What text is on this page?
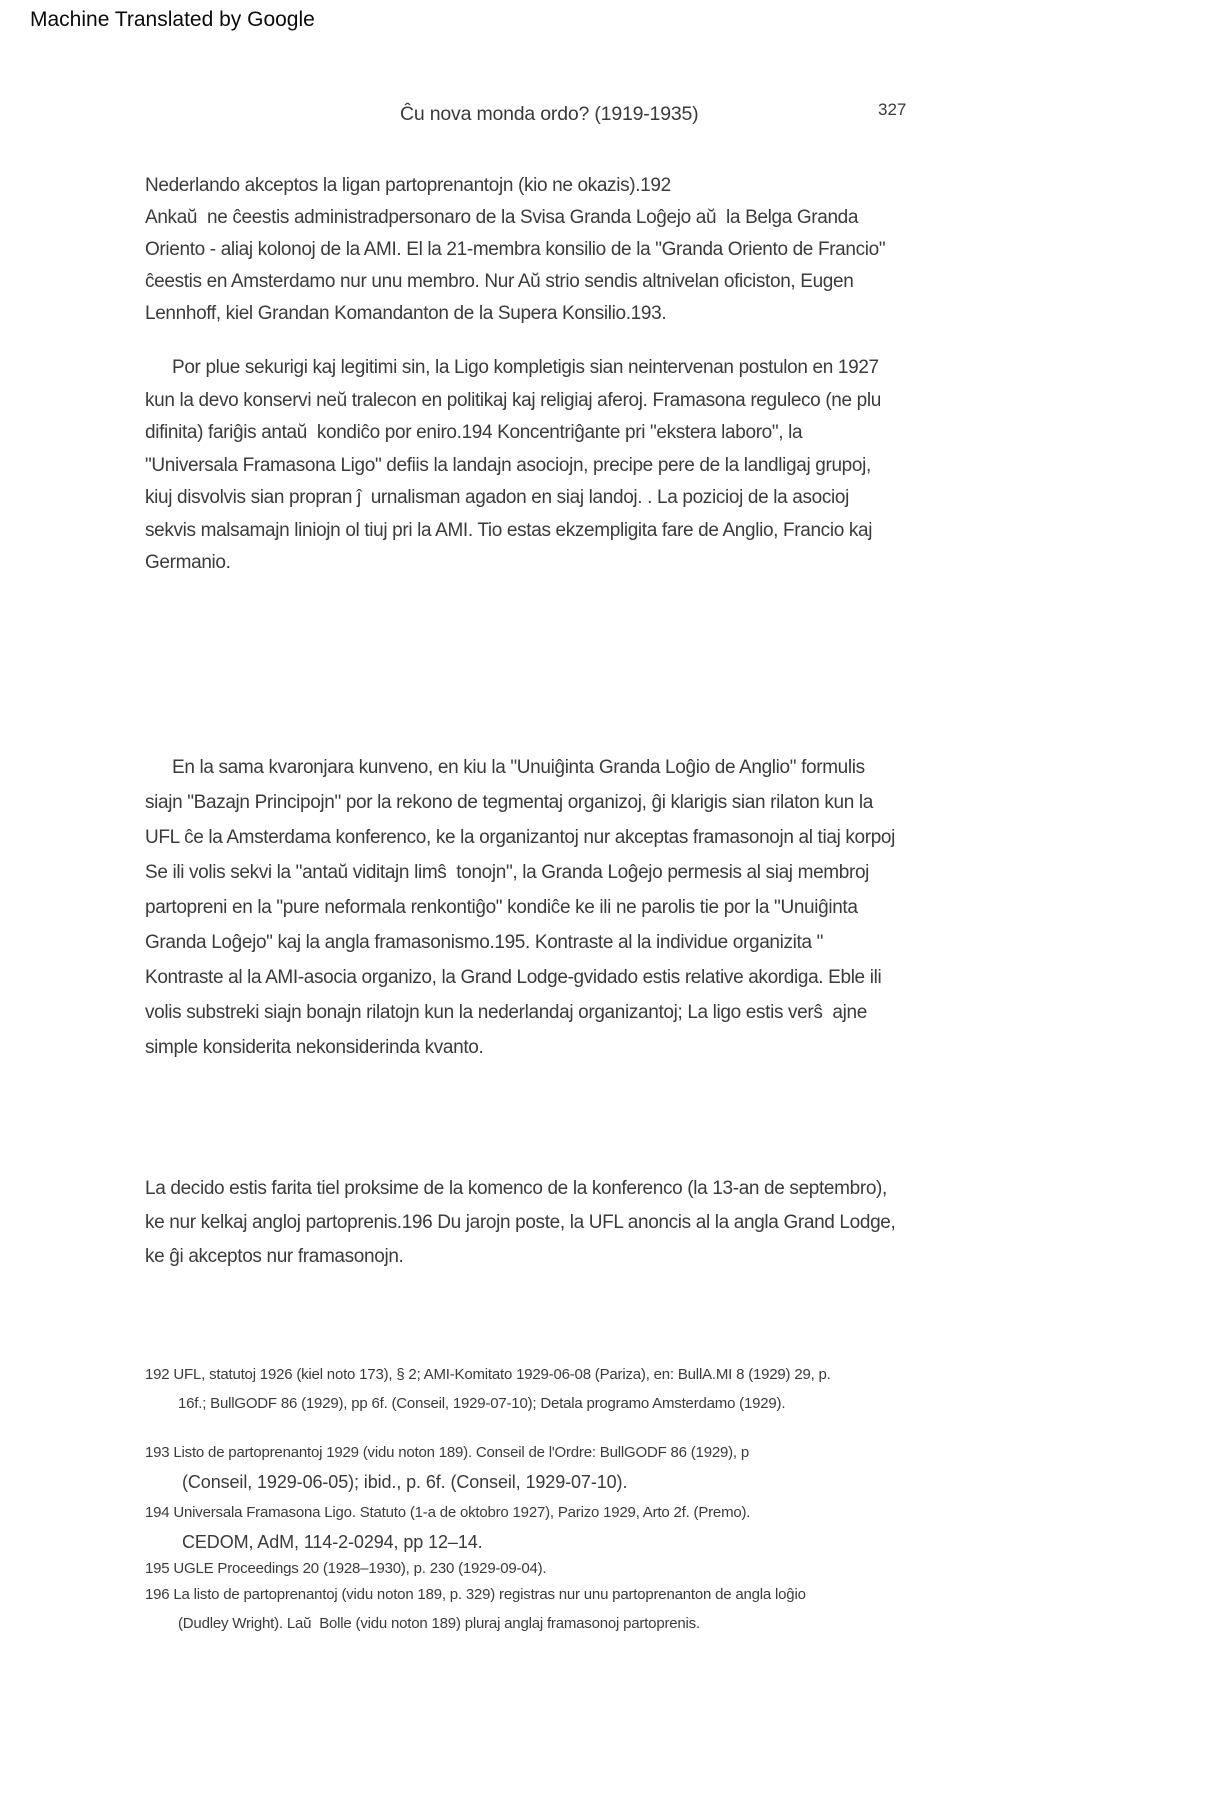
Machine Translated by Google
Ĉu nova monda ordo? (1919-1935)	327
Nederlando akceptos la ligan partoprenantojn (kio ne okazis).192
Ankaŭ  ne ĉeestis administradpersonaro de la Svisa Granda Loĝejo aŭ  la Belga Granda
Oriento - aliaj kolonoj de la AMI. El la 21-membra konsilio de la "Granda Oriento de Francio"
ĉeestis en Amsterdamo nur unu membro. Nur Aŭ strio sendis altnivelan oficiston, Eugen
Lennhoff, kiel Grandan Komandanton de la Supera Konsilio.193.
Por plue sekurigi kaj legitimi sin, la Ligo kompletigis sian neintervenan postulon en 1927
kun la devo konservi neŭ tralecon en politikaj kaj religiaj aferoj. Framasona reguleco (ne plu
difinita) fariĝis antaŭ  kondiĉo por eniro.194 Koncentriĝante pri "ekstera laboro", la
"Universala Framasona Ligo" defiis la landajn asociojn, precipe pere de la landligaj grupoj,
kiuj disvolvis sian propran ĵ  urnalisman agadon en siaj landoj. . La pozicioj de la asocioj
sekvis malsamajn liniojn ol tiuj pri la AMI. Tio estas ekzempligita fare de Anglio, Francio kaj
Germanio.
En la sama kvaronjara kunveno, en kiu la "Unuiĝinta Granda Loĝio de Anglio" formulis
siajn "Bazajn Principojn" por la rekono de tegmentaj organizoj, ĝi klarigis sian rilaton kun la
UFL ĉe la Amsterdama konferenco, ke la organizantoj nur akceptas framasonojn al tiaj korpoj
Se ili volis sekvi la "antaŭ viditajn limŝ  tonojn", la Granda Loĝejo permesis al siaj membroj
partopreni en la "pure neformala renkontiĝo" kondiĉe ke ili ne parolis tie por la "Unuiĝinta
Granda Loĝejo" kaj la angla framasonismo.195. Kontraste al la individue organizita "
Kontraste al la AMI-asocia organizo, la Grand Lodge-gvidado estis relative akordiga. Eble ili
volis substreki siajn bonajn rilatojn kun la nederlandaj organizantoj; La ligo estis verŝ  ajne
simple konsiderita nekonsiderinda kvanto.
La decido estis farita tiel proksime de la komenco de la konferenco (la 13-an de septembro),
ke nur kelkaj angloj partoprenis.196 Du jarojn poste, la UFL anoncis al la angla Grand Lodge,
ke ĝi akceptos nur framasonojn.
192 UFL, statutoj 1926 (kiel noto 173), § 2; AMI-Komitato 1929-06-08 (Pariza), en: BullA.MI 8 (1929) 29, p.
16f.; BullGODF 86 (1929), pp 6f. (Conseil, 1929-07-10); Detala programo Amsterdamo (1929).
193 Listo de partoprenantoj 1929 (vidu noton 189). Conseil de l'Ordre: BullGODF 86 (1929), p
(Conseil, 1929-06-05); ibid., p. 6f. (Conseil, 1929-07-10).
194 Universala Framasona Ligo. Statuto (1-a de oktobro 1927), Parizo 1929, Arto 2f. (Premo).
CEDOM, AdM, 114-2-0294, pp 12–14.
195 UGLE Proceedings 20 (1928–1930), p. 230 (1929-09-04).
196 La listo de partoprenantoj (vidu noton 189, p. 329) registras nur unu partoprenanton de angla loĝio
(Dudley Wright). Laŭ  Bolle (vidu noton 189) pluraj anglaj framasonoj partoprenis.
